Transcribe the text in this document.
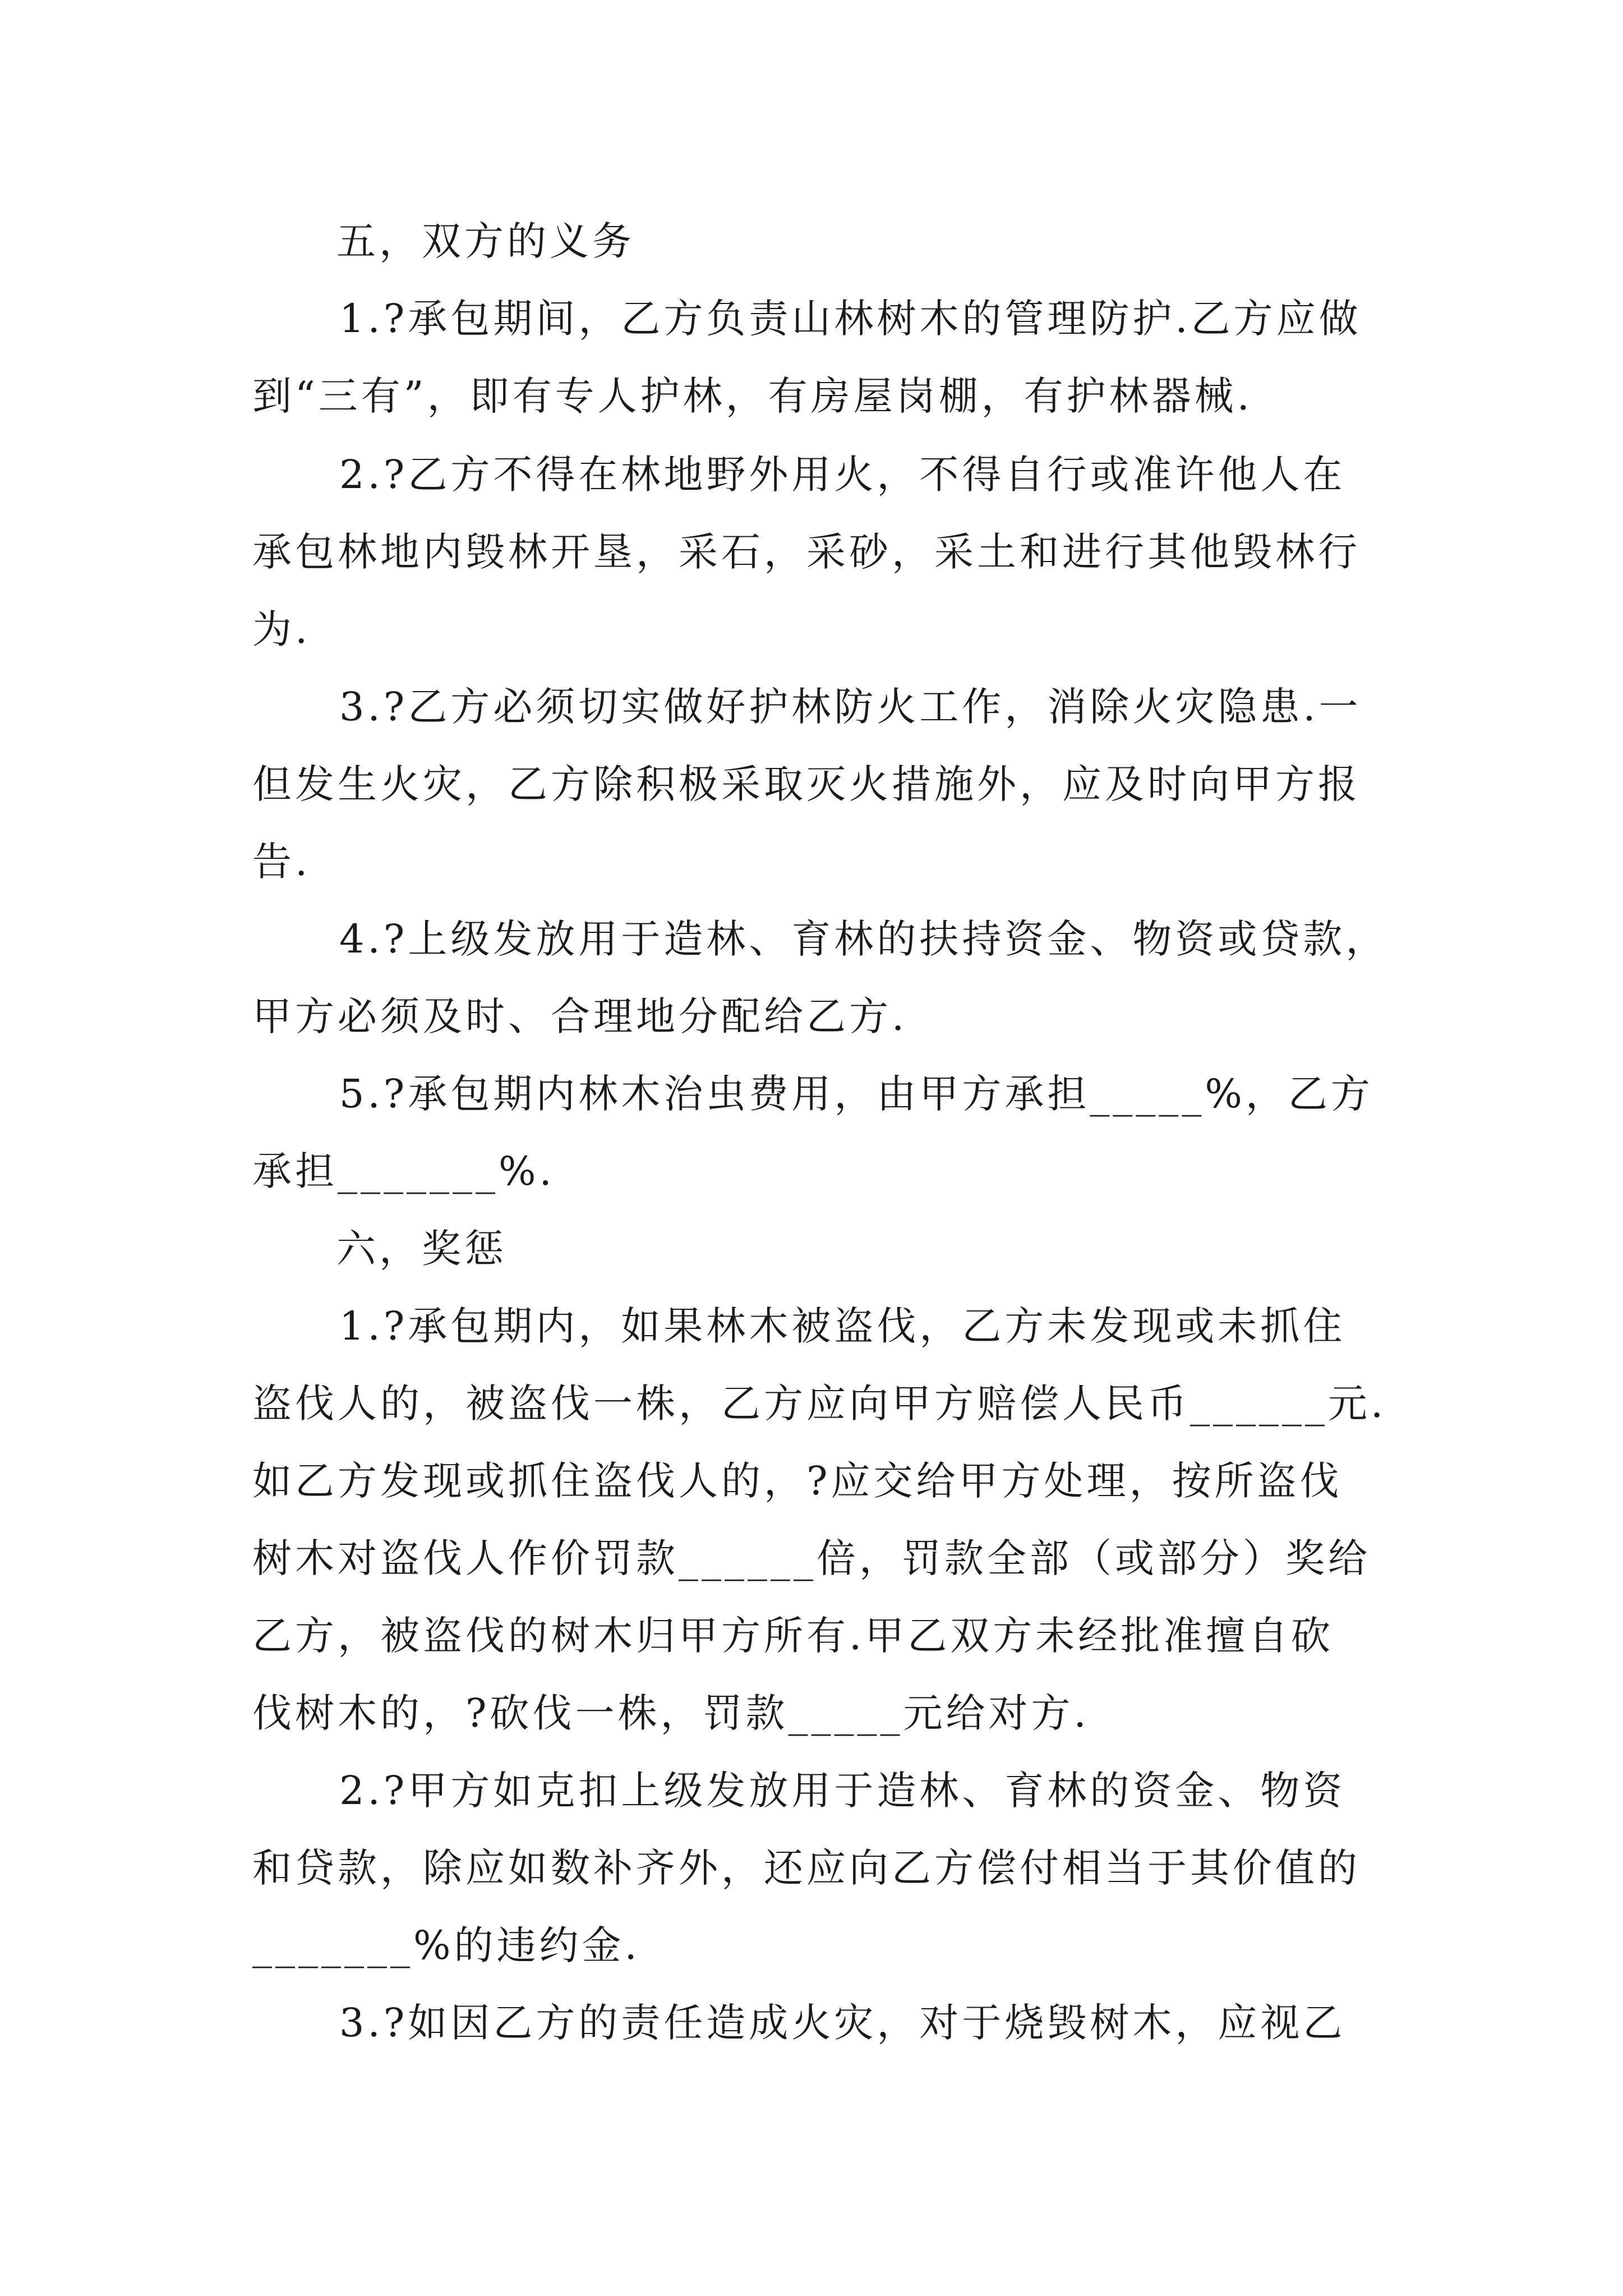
五，双方的义务

1.?承包期间，乙方负责山林树木的管理防护.乙方应做

到“三有”，即有专人护林，有房屋岗棚，有护林器械.

2.?乙方不得在林地野外用火，不得自行或准许他人在

承包林地内毁林开垦，采石，采砂，采土和进行其他毁林行

为.

3.?乙方必须切实做好护林防火工作，消除火灾隐患.一

但发生火灾，乙方除积极采取灭火措施外，应及时向甲方报

告.

4.?上级发放用于造林、育林的扶持资金、物资或贷款，

甲方必须及时、合理地分配给乙方.

5.?承包期内林木治虫费用，由甲方承担_____%，乙方

承担_______%.

六，奖惩

1.?承包期内，如果林木被盗伐，乙方未发现或未抓住

盗伐人的，被盗伐一株，乙方应向甲方赔偿人民币______元.

如乙方发现或抓住盗伐人的，?应交给甲方处理，按所盗伐

树木对盗伐人作价罚款______倍，罚款全部（或部分）奖给

乙方，被盗伐的树木归甲方所有.甲乙双方未经批准擅自砍

伐树木的，?砍伐一株，罚款_____元给对方.

2.?甲方如克扣上级发放用于造林、育林的资金、物资

和贷款，除应如数补齐外，还应向乙方偿付相当于其价值的

_______%的违约金.

3.?如因乙方的责任造成火灾，对于烧毁树木，应视乙
